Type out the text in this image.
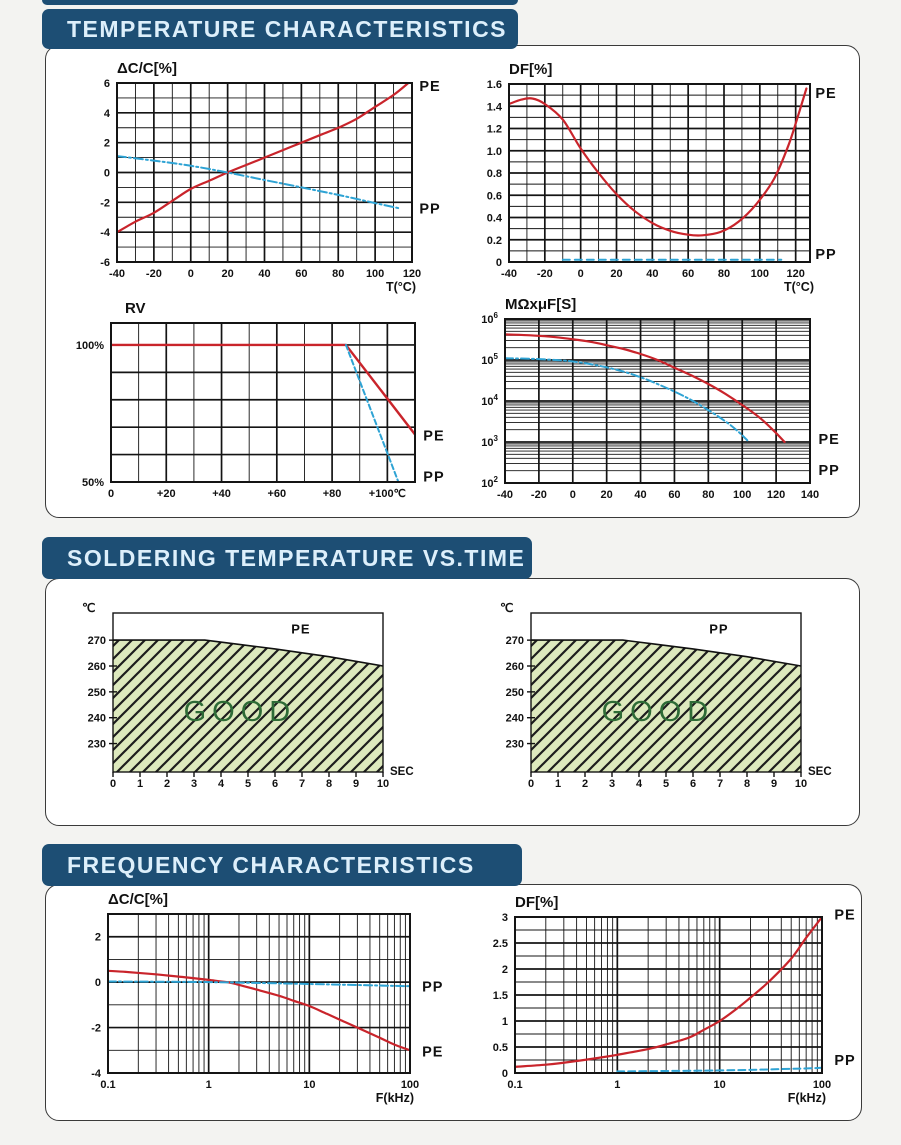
TEMPERATURE CHARACTERISTICS
SOLDERING TEMPERATURE VS.TIME
FREQUENCY CHARACTERISTICS
-40 -20 0	20 40 60 80 100 120
6
4
2
0
-2
-4
-6
T(°C)
ΔC/C[%]
PE
PP
-40 -20 0 20 40 60 80 100 120
1.6
1.4
1.2
1.0
0.8
0.6
0.4
0.2
0
T(°C)
DF[%]
PE
PP
0	+20	+40	+60	+80 +100℃
100%
50%
RV
PE
PP
-40 -20 0 20 40 60 80 100 120 140
$10^6$
$10^5$
$10^4$
$10^3$
$10^2$
MΩxμF[S]
PE
PP
0 1 2 3 4 5 6 7 8 9 10
270
260
250
240
230
SEC
℃
PE
GOOD
0 1 2 3 4 5 6 7 8 9 10
270
260
250
240
230
SEC
℃
PP
GOOD
0.1	1	10	100
2
0
-2
-4
F(kHz)
ΔC/C[%]
PP
PE
0.1	1	10	100
3
2.5
2
1.5
1
0.5
0
F(kHz)
DF[%]
PE
PP
